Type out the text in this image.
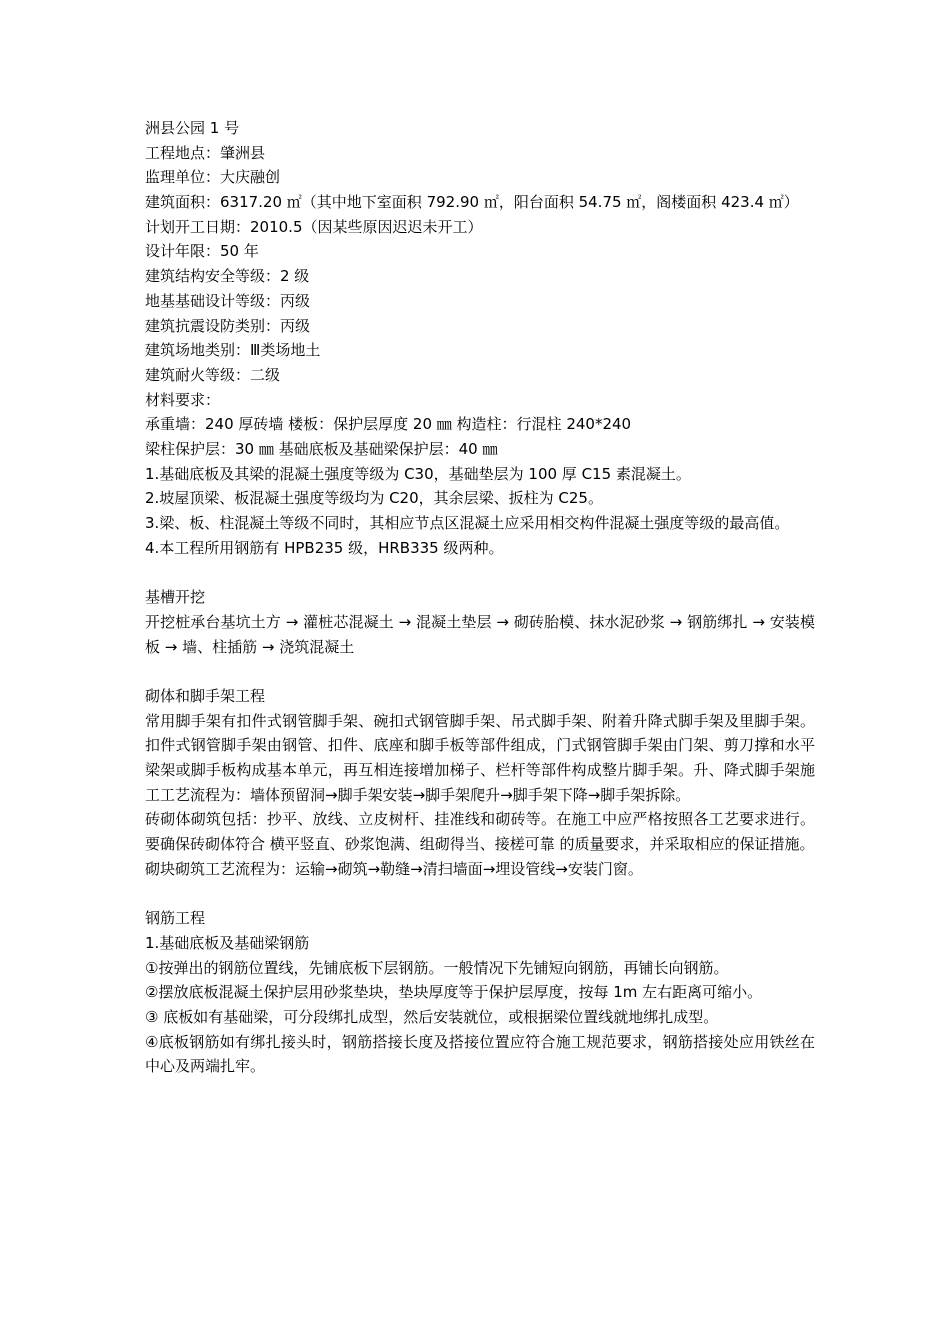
洲县公园 1 号
工程地点：肇洲县
监理单位：大庆融创
建筑面积：6317.20 ㎡（其中地下室面积 792.90 ㎡，阳台面积 54.75 ㎡，阁楼面积 423.4 ㎡）
计划开工日期：2010.5（因某些原因迟迟未开工）
设计年限：50 年
建筑结构安全等级：2 级
地基基础设计等级：丙级
建筑抗震设防类别：丙级
建筑场地类别：Ⅲ类场地土
建筑耐火等级：二级
材料要求：
承重墙：240 厚砖墙 楼板：保护层厚度 20 ㎜ 构造柱：行混柱 240*240
梁柱保护层：30 ㎜ 基础底板及基础梁保护层：40 ㎜
1.基础底板及其梁的混凝土强度等级为 C30，基础垫层为 100 厚 C15 素混凝土。
2.坡屋顶梁、板混凝土强度等级均为 C20，其余层梁、扳柱为 C25。
3.梁、板、柱混凝土等级不同时，其相应节点区混凝土应采用相交构件混凝土强度等级的最高值。
4.本工程所用钢筋有 HPB235 级，HRB335 级两种。
基槽开挖
开挖桩承台基坑土方 → 灌桩芯混凝土 → 混凝土垫层 → 砌砖胎模、抹水泥砂浆 → 钢筋绑扎 → 安装模板 → 墙、柱插筋 → 浇筑混凝土
砌体和脚手架工程
常用脚手架有扣件式钢管脚手架、碗扣式钢管脚手架、吊式脚手架、附着升降式脚手架及里脚手架。扣件式钢管脚手架由钢管、扣件、底座和脚手板等部件组成，门式钢管脚手架由门架、剪刀撑和水平梁架或脚手板构成基本单元，再互相连接增加梯子、栏杆等部件构成整片脚手架。升、降式脚手架施工工艺流程为：墙体预留洞→脚手架安装→脚手架爬升→脚手架下降→脚手架拆除。
砖砌体砌筑包括：抄平、放线、立皮树杆、挂准线和砌砖等。在施工中应严格按照各工艺要求进行。要确保砖砌体符合 横平竖直、砂浆饱满、组砌得当、接槎可靠 的质量要求，并采取相应的保证措施。
砌块砌筑工艺流程为：运输→砌筑→勒缝→清扫墙面→埋设管线→安装门窗。
钢筋工程
1.基础底板及基础梁钢筋
①按弹出的钢筋位置线，先铺底板下层钢筋。一般情况下先铺短向钢筋，再铺长向钢筋。
②摆放底板混凝土保护层用砂浆垫块，垫块厚度等于保护层厚度，按每 1m 左右距离可缩小。
③ 底板如有基础梁，可分段绑扎成型，然后安装就位，或根据梁位置线就地绑扎成型。
④底板钢筋如有绑扎接头时，钢筋搭接长度及搭接位置应符合施工规范要求，钢筋搭接处应用铁丝在中心及两端扎牢。
